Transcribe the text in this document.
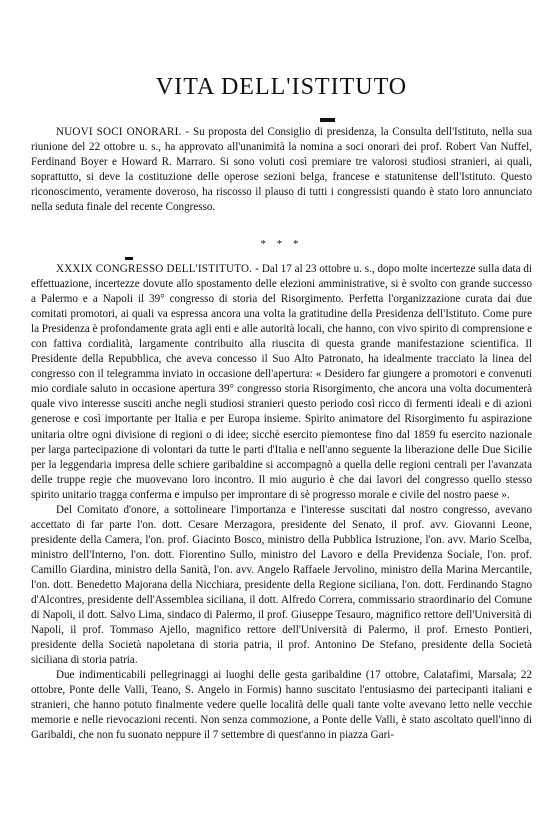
VITA DELL'ISTITUTO

NUOVI SOCI ONORARI. - Su proposta del Consiglio di presidenza, la Consulta dell'Istituto, nella sua riunione del 22 ottobre u. s., ha approvato all'unanimità la nomina a soci onorari dei prof. Robert Van Nuffel, Ferdinand Boyer e Howard R. Marraro. Si sono voluti così premiare tre valorosi studiosi stranieri, ai quali, soprattutto, si deve la costituzione delle operose sezioni belga, francese e statunitense dell'Istituto. Questo riconoscimento, veramente doveroso, ha riscosso il plauso di tutti i congressisti quando è stato loro annunciato nella seduta finale del recente Congresso.

* * *

XXXIX CONGRESSO DELL'ISTITUTO. - Dal 17 al 23 ottobre u. s., dopo molte incertezze sulla data di effettuazione, incertezze dovute allo spostamento delle elezioni amministrative, si è svolto con grande successo a Palermo e a Napoli il 39° congresso di storia del Risorgimento. Perfetta l'organizzazione curata dai due comitati promotori, ai quali va espressa ancora una volta la gratitudine della Presidenza dell'Istituto. Come pure la Presidenza è profondamente grata agli enti e alle autorità locali, che hanno, con vivo spirito di comprensione e con fattiva cordialità, largamente contribuito alla riuscita di questa grande manifestazione scientifica. Il Presidente della Repubblica, che aveva concesso il Suo Alto Patronato, ha idealmente tracciato la linea del congresso con il telegramma inviato in occasione dell'apertura: « Desidero far giungere a promotori e convenuti mio cordiale saluto in occasione apertura 39° congresso storia Risorgimento, che ancora una volta documenterà quale vivo interesse susciti anche negli studiosi stranieri questo periodo così ricco di fermenti ideali e di azioni generose e così importante per Italia e per Europa insieme. Spirito animatore del Risorgimento fu aspirazione unitaria oltre ogni divisione di regioni o di idee; sicchè esercito piemontese fino dal 1859 fu esercito nazionale per larga partecipazione di volontari da tutte le parti d'Italia e nell'anno seguente la liberazione delle Due Sicilie per la leggendaria impresa delle schiere garibaldine si accompagnò a quella delle regioni centrali per l'avanzata delle truppe regie che muovevano loro incontro. Il mio augurio è che dai lavori del congresso quello stesso spirito unitario tragga conferma e impulso per improntare di sè progresso morale e civile del nostro paese ».

Del Comitato d'onore, a sottolineare l'importanza e l'interesse suscitati dal nostro congresso, avevano accettato di far parte l'on. dott. Cesare Merzagora, presidente del Senato, il prof. avv. Giovanni Leone, presidente della Camera, l'on. prof. Giacinto Bosco, ministro della Pubblica Istruzione, l'on. avv. Mario Scelba, ministro dell'Interno, l'on. dott. Fiorentino Sullo, ministro del Lavoro e della Previdenza Sociale, l'on. prof. Camillo Giardina, ministro della Sanità, l'on. avv. Angelo Raffaele Jervolino, ministro della Marina Mercantile, l'on. dott. Benedetto Majorana della Nicchiara, presidente della Regione siciliana, l'on. dott. Ferdinando Stagno d'Alcontres, presidente dell'Assemblea siciliana, il dott. Alfredo Correra, commissario straordinario del Comune di Napoli, il dott. Salvo Lima, sindaco di Palermo, il prof. Giuseppe Tesauro, magnifico rettore dell'Università di Napoli, il prof. Tommaso Ajello, magnifico rettore dell'Università di Palermo, il prof. Ernesto Pontieri, presidente della Società napoletana di storia patria, il prof. Antonino De Stefano, presidente della Società siciliana di storia patria.

Due indimenticabili pellegrinaggi ai luoghi delle gesta garibaldine (17 ottobre, Calatafimi, Marsala; 22 ottobre, Ponte delle Valli, Teano, S. Angelo in Formis) hanno suscitato l'entusiasmo dei partecipanti italiani e stranieri, che hanno potuto finalmente vedere quelle località delle quali tante volte avevano letto nelle vecchie memorie e nelle rievocazioni recenti. Non senza commozione, a Ponte delle Valli, è stato ascoltato quell'inno di Garibaldi, che non fu suonato neppure il 7 settembre di quest'anno in piazza Gari-
